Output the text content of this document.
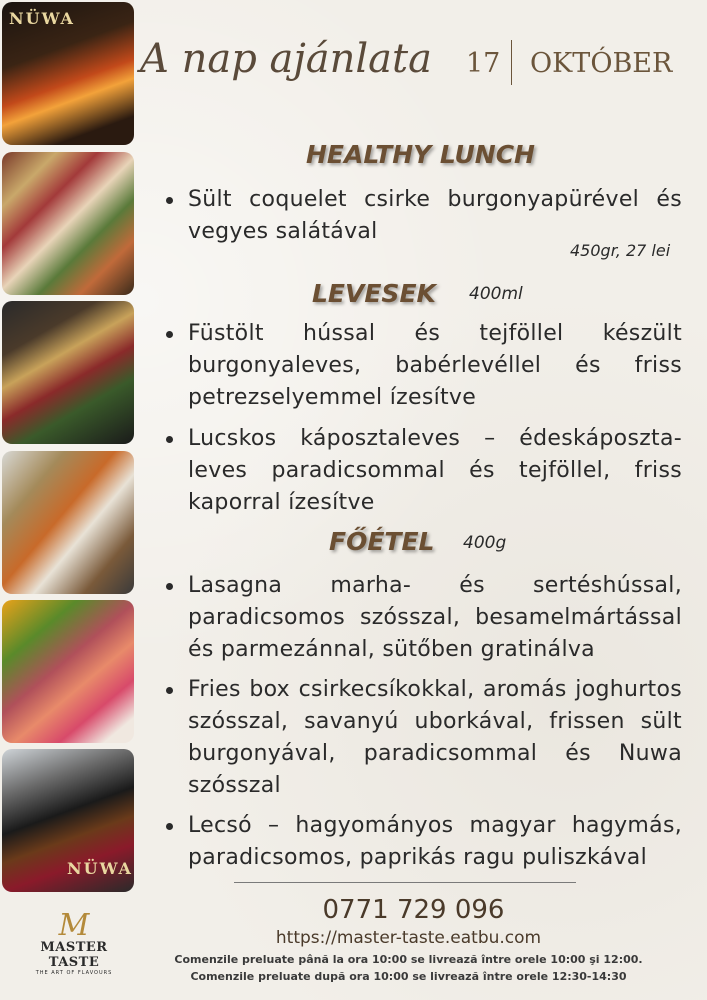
NÜWA
NÜWA
A nap ajánlata 17 OKTÓBER
HEALTHY LUNCH
Sült coquelet csirke burgonyapürével és vegyes salátával
450gr, 27 lei
LEVESEK 400ml
Füstölt hússal és tejföllel készült burgonyaleves, babérlevéllel és friss petrezselyemmel ízesítve
Lucskos káposztaleves – édeskáposzta-leves paradicsommal és tejföllel, friss kaporral ízesítve
FŐÉTEL 400g
Lasagna marha- és sertéshússal, paradicsomos szósszal, besamelmártással és parmezánnal, sütőben gratinálva
Fries box csirkecsíkokkal, aromás joghurtos szósszal, savanyú uborkával, frissen sült burgonyával, paradicsommal és Nuwa szósszal
Lecsó – hagyományos magyar hagymás, paradicsomos, paprikás ragu puliszkával
0771 729 096
https://master-taste.eatbu.com
Comenzile preluate până la ora 10:00 se livrează între orele 10:00 şi 12:00.
Comenzile preluate după ora 10:00 se livrează între orele 12:30-14:30
M
MASTER TASTE
THE ART OF FLAVOURS
